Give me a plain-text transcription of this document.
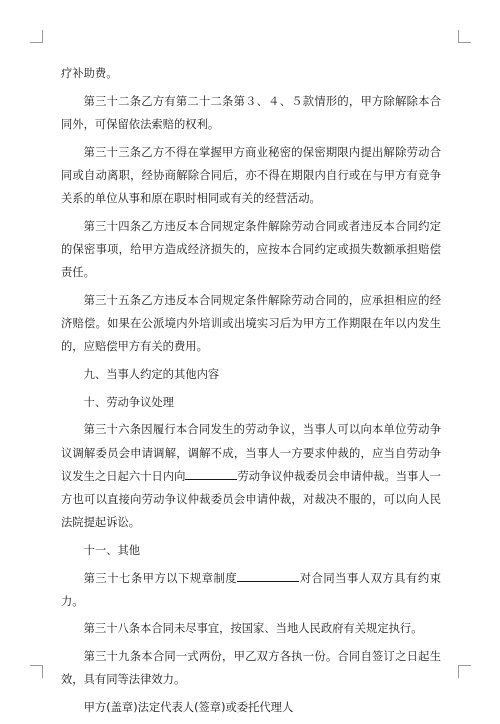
疗补助费。

第三十二条乙方有第二十二条第３、４、５款情形的，甲方除解除本合同外，可保留依法索赔的权利。

第三十三条乙方不得在掌握甲方商业秘密的保密期限内提出解除劳动合同或自动离职，经协商解除合同后，亦不得在期限内自行或在与甲方有竞争关系的单位从事和原在职时相同或有关的经营活动。

第三十四条乙方违反本合同规定条件解除劳动合同或者违反本合同约定的保密事项，给甲方造成经济损失的，应按本合同约定或损失数额承担赔偿责任。

第三十五条乙方违反本合同规定条件解除劳动合同的，应承担相应的经济赔偿。如果在公派境内外培训或出境实习后为甲方工作期限在年以内发生的，应赔偿甲方有关的费用。

九、当事人约定的其他内容

十、劳动争议处理

第三十六条因履行本合同发生的劳动争议，当事人可以向本单位劳动争议调解委员会申请调解，调解不成，当事人一方要求仲裁的，应当自劳动争议发生之日起六十日内向	劳动争议仲裁委员会申请仲裁。当事人一方也可以直接向劳动争议仲裁委员会申请仲裁，对裁决不服的，可以向人民法院提起诉讼。

十一、其他

第三十七条甲方以下规章制度	对合同当事人双方具有约束力。

第三十八条本合同未尽事宜，按国家、当地人民政府有关规定执行。

第三十九条本合同一式两份，甲乙双方各执一份。合同自签订之日起生效，具有同等法律效力。

甲方(盖章)法定代表人(签章)或委托代理人
